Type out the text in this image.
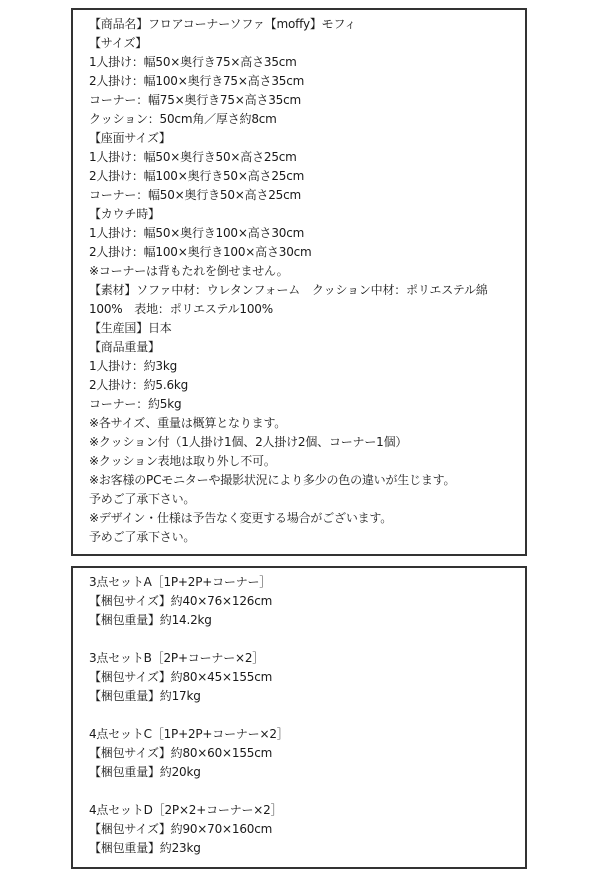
【商品名】フロアコーナーソファ【moffy】モフィ
【サイズ】
1人掛け：幅50×奥行き75×高さ35cm
2人掛け：幅100×奥行き75×高さ35cm
コーナー：幅75×奥行き75×高さ35cm
クッション：50cm角／厚さ約8cm
【座面サイズ】
1人掛け：幅50×奥行き50×高さ25cm
2人掛け：幅100×奥行き50×高さ25cm
コーナー：幅50×奥行き50×高さ25cm
【カウチ時】
1人掛け：幅50×奥行き100×高さ30cm
2人掛け：幅100×奥行き100×高さ30cm
※コーナーは背もたれを倒せません。
【素材】ソファ中材：ウレタンフォーム　クッション中材：ポリエステル綿
100%　表地：ポリエステル100%
【生産国】日本
【商品重量】
1人掛け：約3kg
2人掛け：約5.6kg
コーナー：約5kg
※各サイズ、重量は概算となります。
※クッション付（1人掛け1個、2人掛け2個、コーナー1個）
※クッション表地は取り外し不可。
※お客様のPCモニターや撮影状況により多少の色の違いが生じます。
予めご了承下さい。
※デザイン・仕様は予告なく変更する場合がございます。
予めご了承下さい。
3点セットA［1P+2P+コーナー］
【梱包サイズ】約40×76×126cm
【梱包重量】約14.2kg
3点セットB［2P+コーナー×2］
【梱包サイズ】約80×45×155cm
【梱包重量】約17kg
4点セットC［1P+2P+コーナー×2］
【梱包サイズ】約80×60×155cm
【梱包重量】約20kg
4点セットD［2P×2+コーナー×2］
【梱包サイズ】約90×70×160cm
【梱包重量】約23kg
